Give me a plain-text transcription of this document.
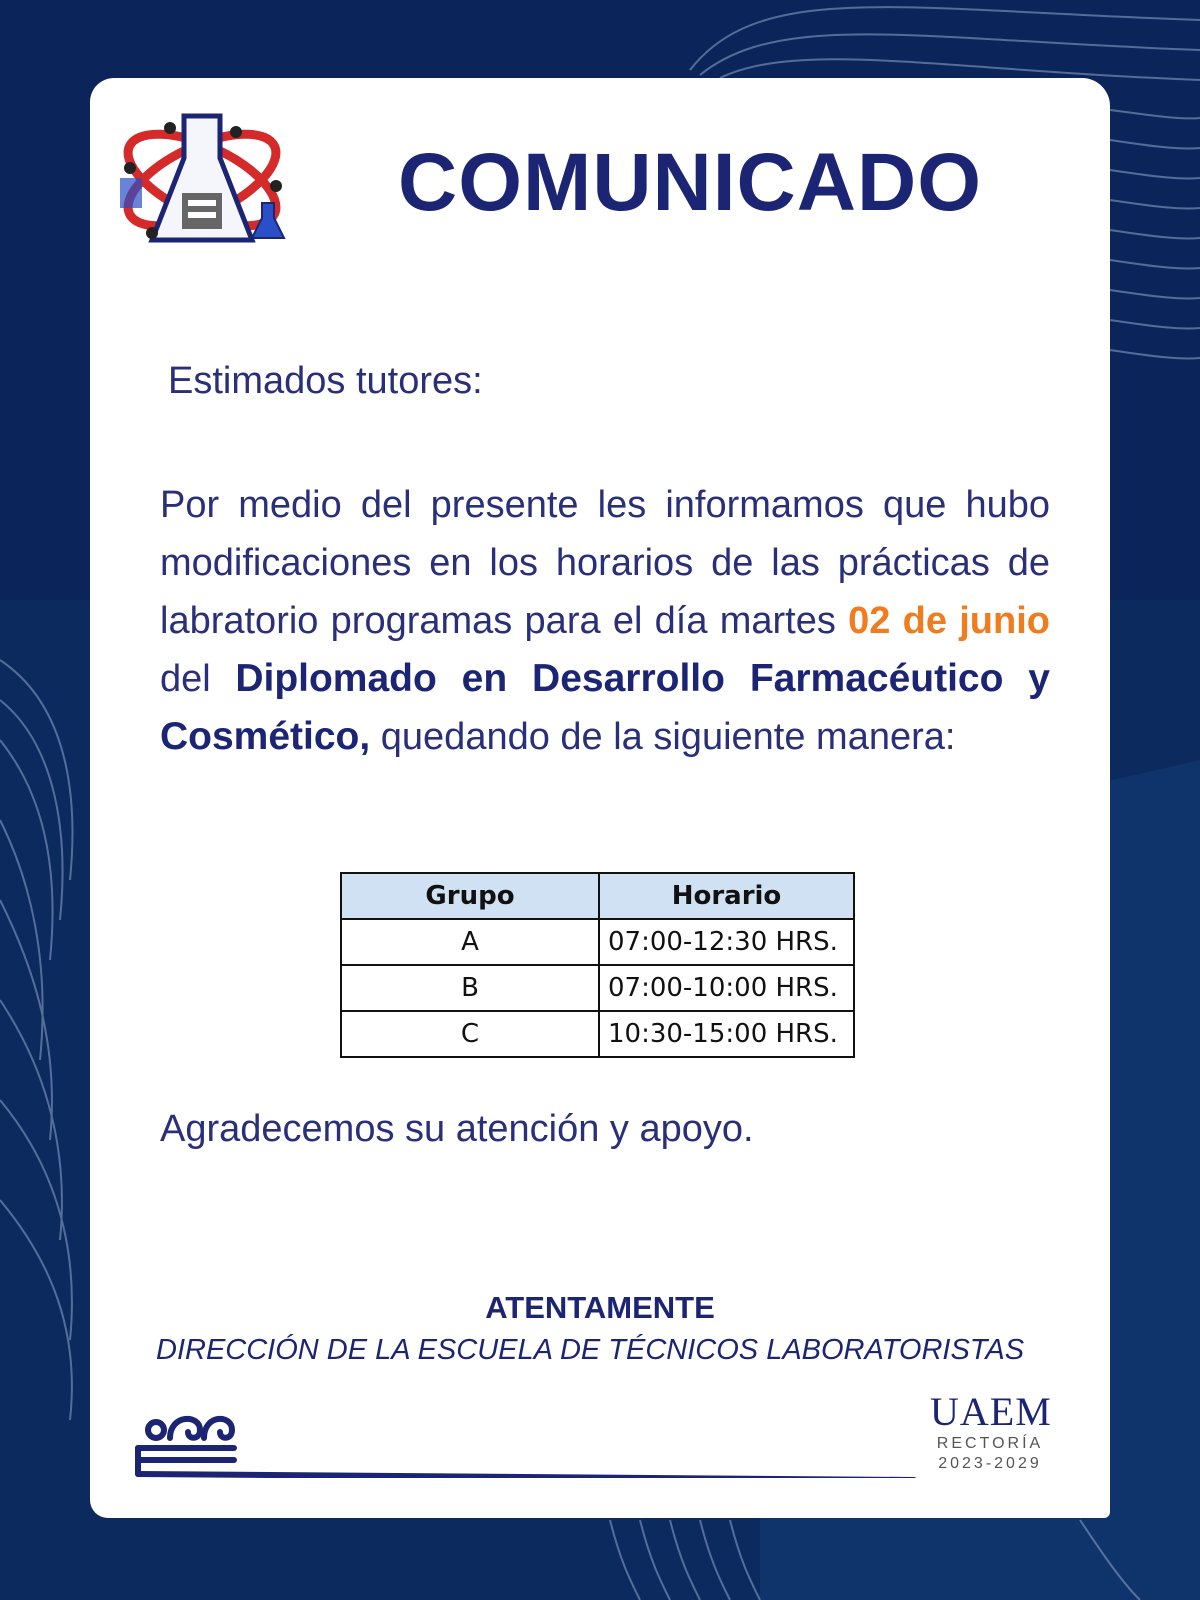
COMUNICADO
Estimados tutores:
Por medio del presente les informamos que hubo modificaciones en los horarios de las prácticas de labratorio programas para el día martes 02 de junio del Diplomado en Desarrollo Farmacéutico y Cosmético, quedando de la siguiente manera:
Grupo	Horario
A	07:00-12:30 HRS.
B	07:00-10:00 HRS.
C	10:30-15:00 HRS.
Agradecemos su atención y apoyo.
ATENTAMENTE
DIRECCIÓN DE LA ESCUELA DE TÉCNICOS LABORATORISTAS
UAEM
RECTORÍA
2023-2029
